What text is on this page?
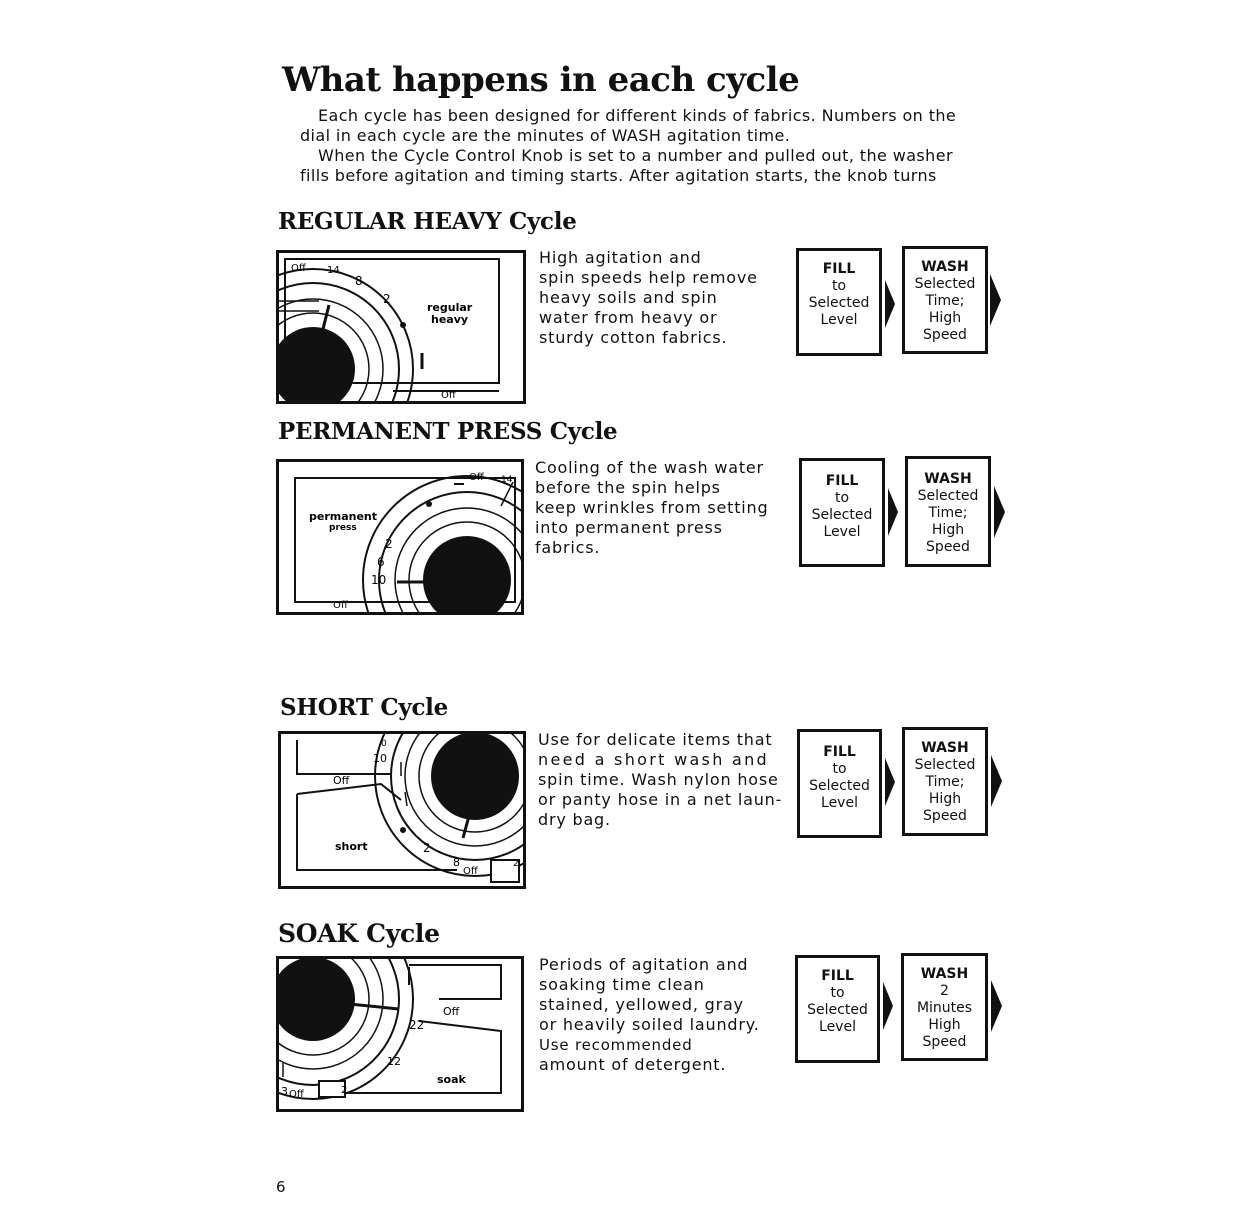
What happens in each cycle
Each cycle has been designed for different kinds of fabrics. Numbers on the
dial in each cycle are the minutes of WASH agitation time.
When the Cycle Control Knob is set to a number and pulled out, the washer
fills before agitation and timing starts. After agitation starts, the knob turns
REGULAR HEAVY Cycle
Off 14
8
2
regular
heavy
Off
High agitation and
spin speeds help remove
heavy soils and spin
water from heavy or
sturdy cotton fabrics.
FILL
to
Selected
Level
WASH
Selected
Time;
High
Speed
PERMANENT PRESS Cycle
Off 14
permanent
press
2
6
10
Off
Cooling of the wash water
before the spin helps
keep wrinkles from setting
into permanent press
fabrics.
FILL
to
Selected
Level
WASH
Selected
Time;
High
Speed
SHORT Cycle
0
10
Off
short	2
8
Off
2
Use for delicate items that
need a short wash and
spin time. Wash nylon hose
or panty hose in a net laun-
dry bag.
FILL
to
Selected
Level
WASH
Selected
Time;
High
Speed
SOAK Cycle
Off
22
12
soak
3 Off	2
Periods of agitation and
soaking time clean
stained, yellowed, gray
or heavily soiled laundry.
Use recommended
amount of detergent.
FILL
to
Selected
Level
WASH
2
Minutes
High
Speed
6
